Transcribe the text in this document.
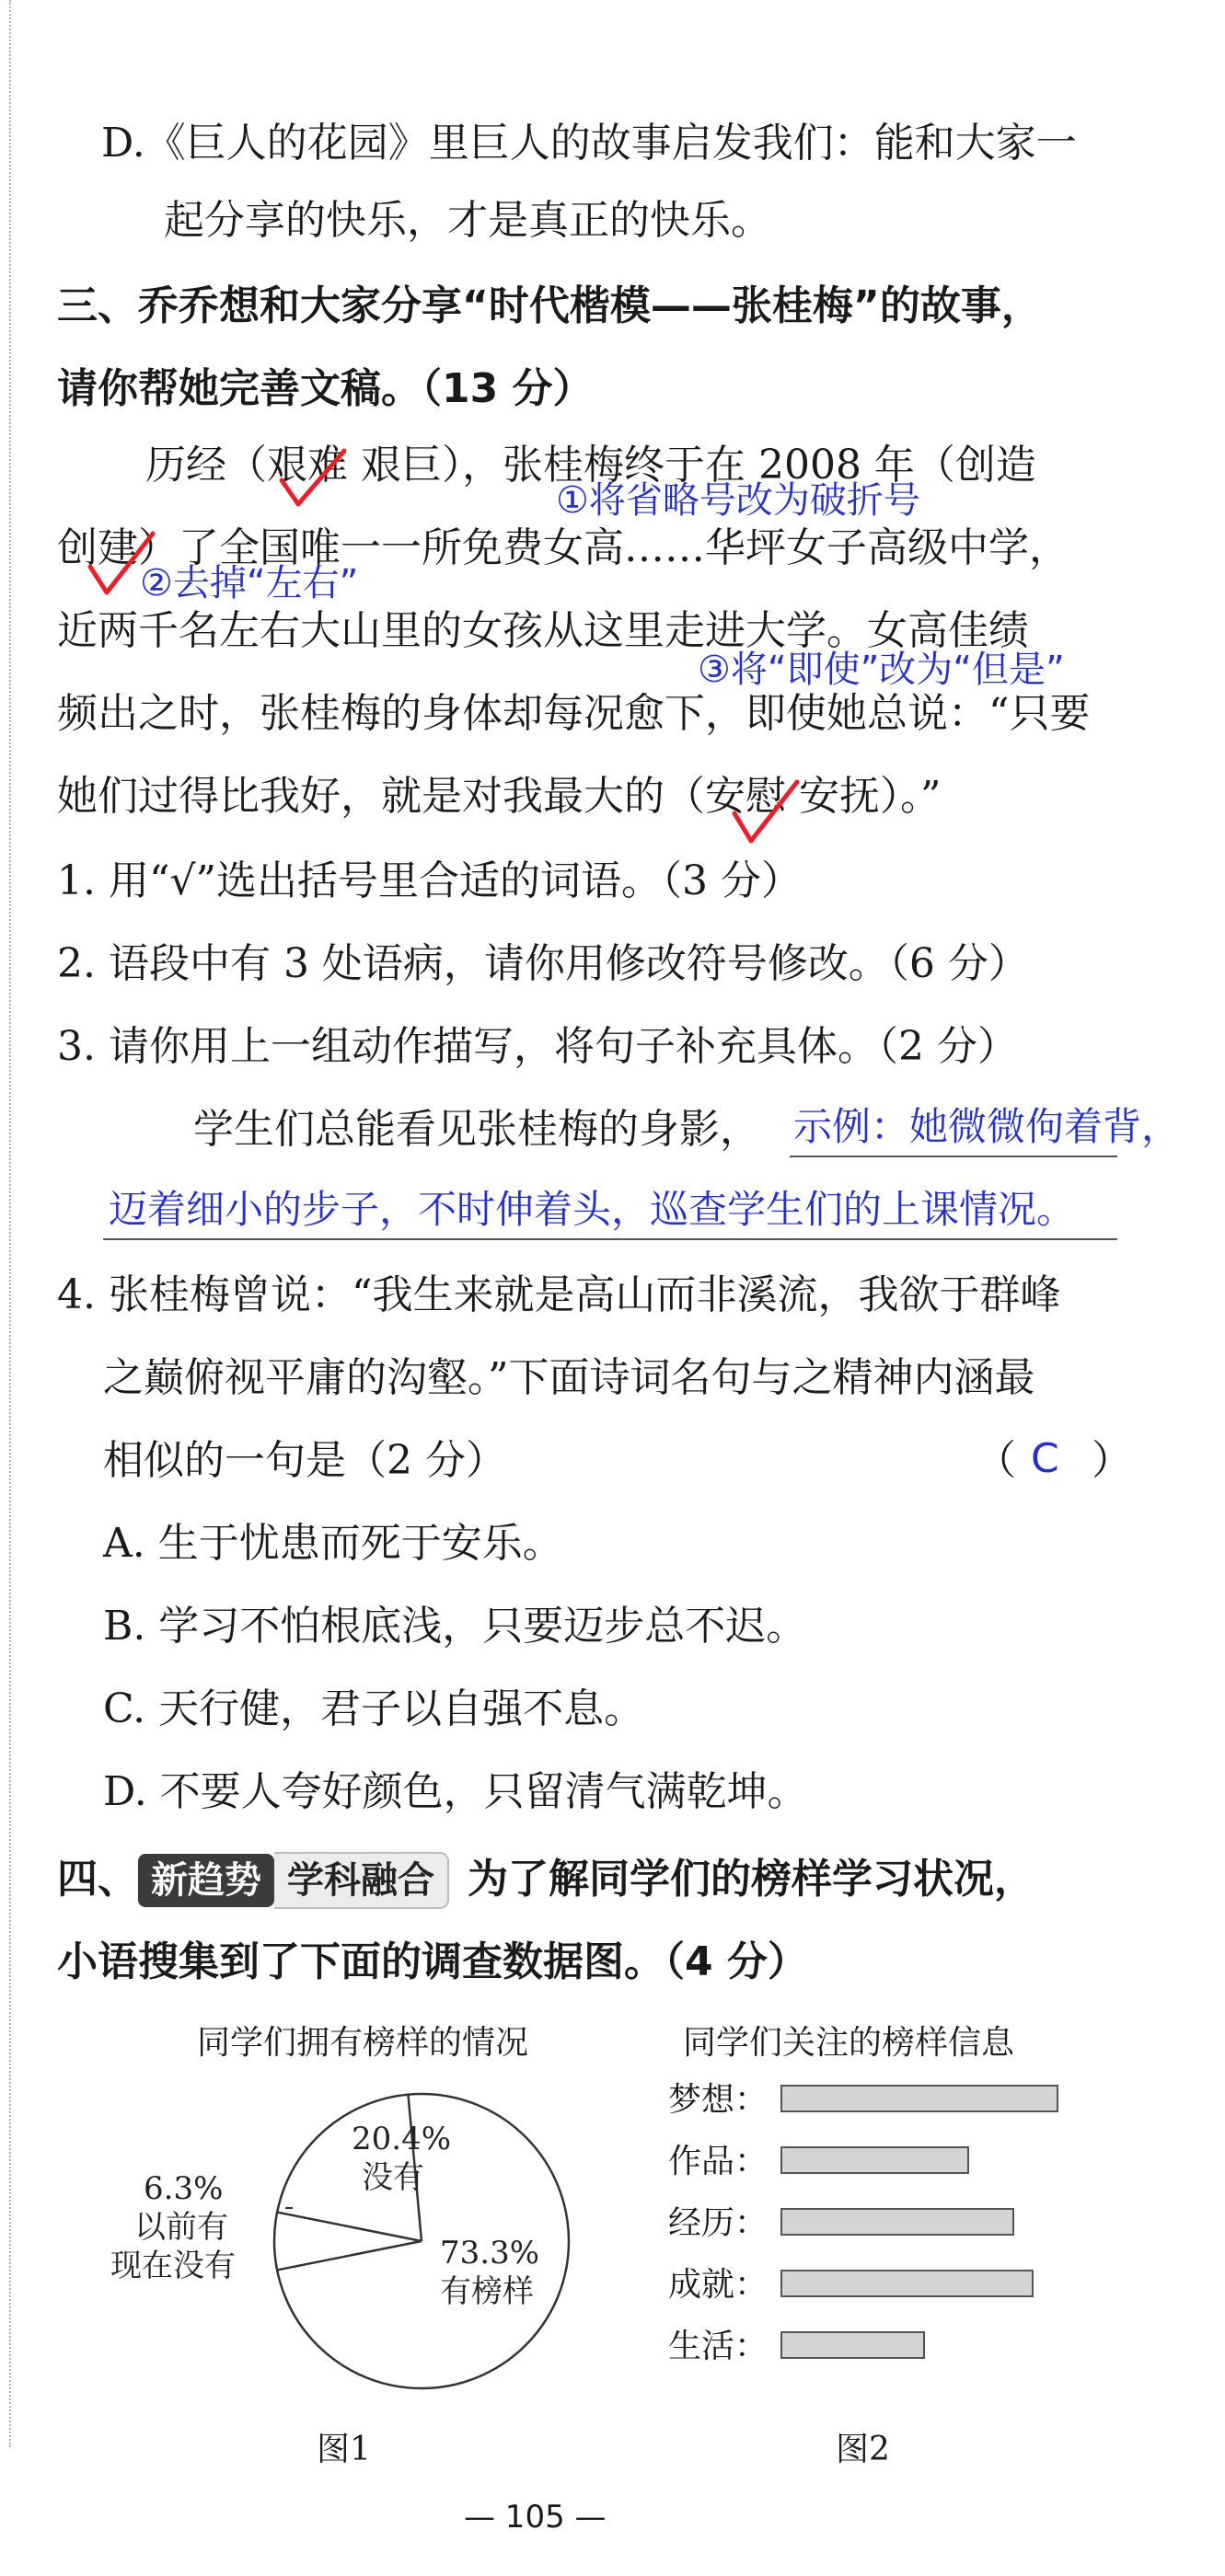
D.《巨人的花园》里巨人的故事启发我们：能和大家一
起分享的快乐，才是真正的快乐。
三、乔乔想和大家分享“时代楷模——张桂梅”的故事，
请你帮她完善文稿。（13 分）
历经（艰难 艰巨），张桂梅终于在 2008 年（创造
①将省略号改为破折号
创建）了全国唯一一所免费女高……华坪女子高级中学，
②去掉“左右”
近两千名左右大山里的女孩从这里走进大学。女高佳绩
③将“即使”改为“但是”
频出之时，张桂梅的身体却每况愈下，即使她总说：“只要
她们过得比我好，就是对我最大的（安慰 安抚）。”
1. 用“√”选出括号里合适的词语。（3 分）
2. 语段中有 3 处语病，请你用修改符号修改。（6 分）
3. 请你用上一组动作描写，将句子补充具体。（2 分）
学生们总能看见张桂梅的身影， 示例：她微微佝着背，
迈着细小的步子，不时伸着头，巡查学生们的上课情况。
4. 张桂梅曾说：“我生来就是高山而非溪流，我欲于群峰
之巅俯视平庸的沟壑。”下面诗词名句与之精神内涵最
相似的一句是（2 分）	（ C ）
A. 生于忧患而死于安乐。
B. 学习不怕根底浅，只要迈步总不迟。
C. 天行健，君子以自强不息。
D. 不要人夸好颜色，只留清气满乾坤。
四、 新趋势 学科融合 为了解同学们的榜样学习状况，
小语搜集到了下面的调查数据图。（4 分）
同学们拥有榜样的情况
20.4%
没有
73.3%
有榜样
6.3%
以前有
现在没有
图1
同学们关注的榜样信息
梦想：
作品：
经历：
成就：
生活：
图2
— 105 —
